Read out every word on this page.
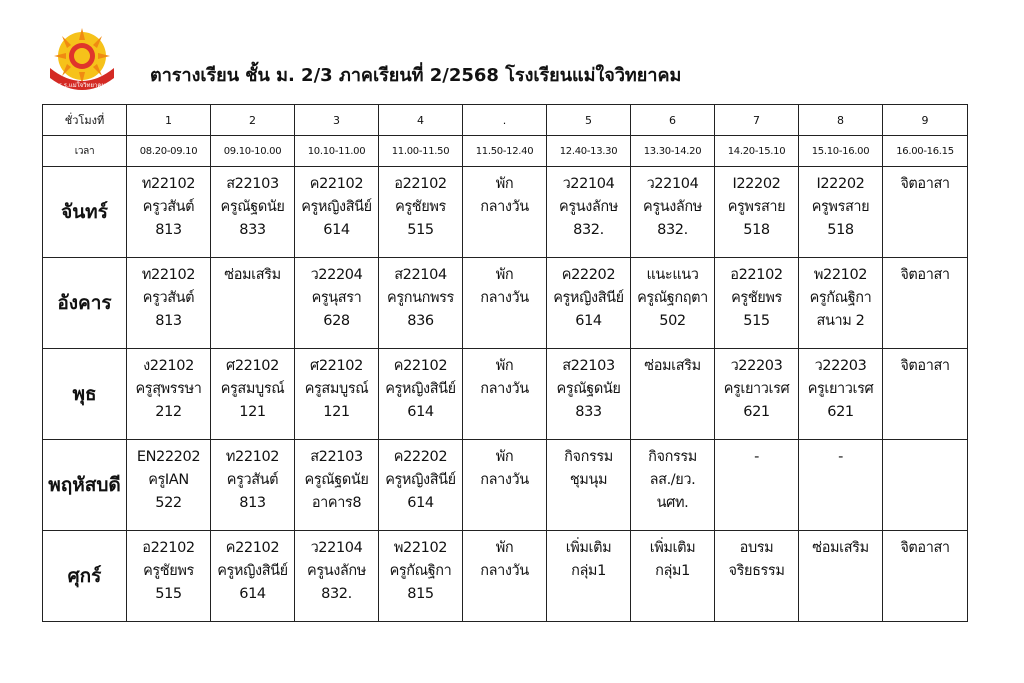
ร.ร.แม่ใจวิทยาคม ตารางเรียน ชั้น ม. 2/3 ภาคเรียนที่ 2/2568 โรงเรียนแม่ใจวิทยาคม
ชั่วโมงที่	1	2	3	4	.	5	6	7	8	9
เวลา	08.20-09.10	09.10-10.00	10.10-11.00	11.00-11.50	11.50-12.40	12.40-13.30	13.30-14.20	14.20-15.10	15.10-16.00	16.00-16.15
จันทร์	ท22102
ครูวสันต์
813	ส22103
ครูณัฐดนัย
833	ค22102
ครูหญิงสินีย์
614	อ22102
ครูชัยพร
515	พัก
กลางวัน	ว22104
ครูนงลักษ
832.	ว22104
ครูนงลักษ
832.	I22202
ครูพรสาย
518	I22202
ครูพรสาย
518	จิตอาสา

อังคาร	ท22102
ครูวสันต์
813	ซ่อมเสริม	ว22204
ครูนุสรา
628	ส22104
ครูกนกพรร
836	พัก
กลางวัน	ค22202
ครูหญิงสินีย์
614	แนะแนว
ครูณัฐกฤตา
502	อ22102
ครูชัยพร
515	พ22102
ครูกัณฐิกา
สนาม 2	จิตอาสา

พุธ	ง22102
ครูสุพรรษา
212	ศ22102
ครูสมบูรณ์
121	ศ22102
ครูสมบูรณ์
121	ค22102
ครูหญิงสินีย์
614	พัก
กลางวัน	ส22103
ครูณัฐดนัย
833	ซ่อมเสริม	ว22203
ครูเยาวเรศ
621	ว22203
ครูเยาวเรศ
621	จิตอาสา

พฤหัสบดี	EN22202
ครูIAN
522	ท22102
ครูวสันต์
813	ส22103
ครูณัฐดนัย
อาคาร8	ค22202
ครูหญิงสินีย์
614	พัก
กลางวัน	กิจกรรม
ชุมนุม	กิจกรรม
ลส./ยว.
นศท.	-	-	

ศุกร์	อ22102
ครูชัยพร
515	ค22102
ครูหญิงสินีย์
614	ว22104
ครูนงลักษ
832.	พ22102
ครูกัณฐิกา
815	พัก
กลางวัน	เพิ่มเติม
กลุ่ม1	เพิ่มเติม
กลุ่ม1	อบรม
จริยธรรม	ซ่อมเสริม	จิตอาสา
